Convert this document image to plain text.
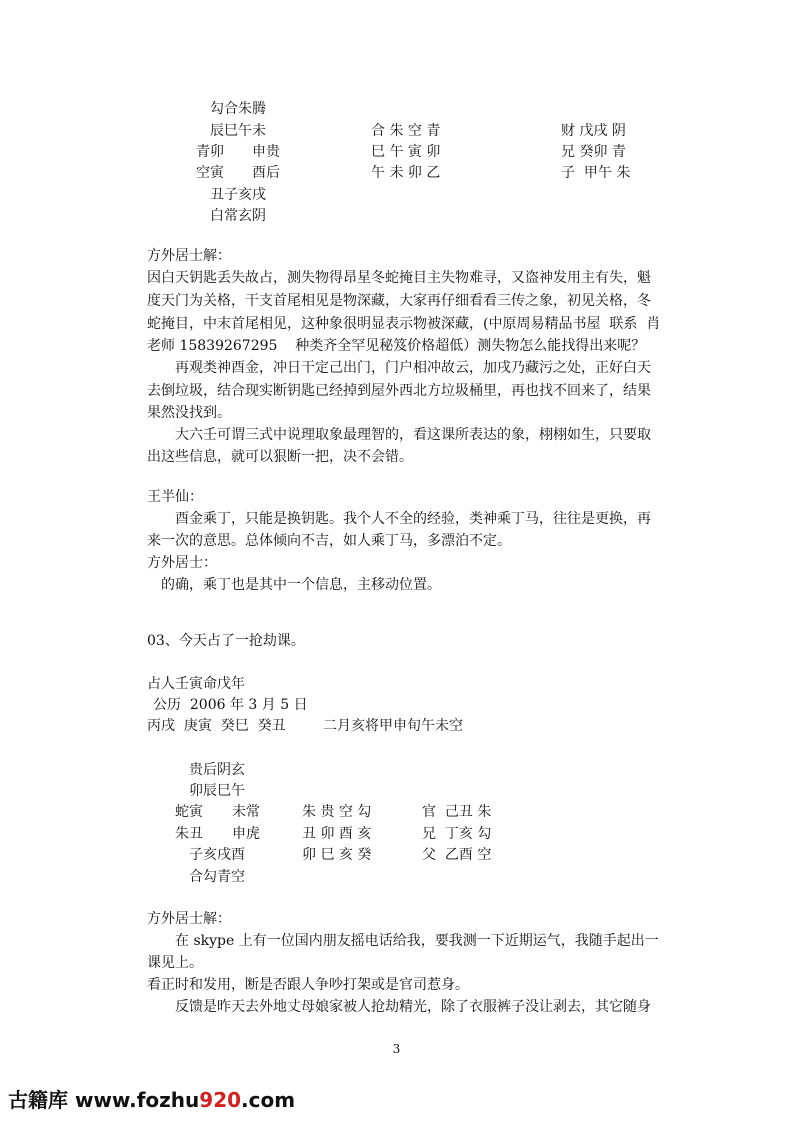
勾合朱腾
辰巳午未
青卯 申贵
空寅 酉后
丑子亥戌
白常玄阴
合 朱 空 青
巳 午 寅 卯
午 未 卯 乙
财 戊戌 阴
兄 癸卯 青
子  甲午 朱
方外居士解：
因白天钥匙丢失故占，测失物得昂星冬蛇掩目主失物难寻，又盗神发用主有失，魁
度天门为关格，干支首尾相见是物深藏，大家再仔细看看三传之象，初见关格，冬
蛇掩目，中末首尾相见，这种象很明显表示物被深藏，(中原周易精品书屋  联系  肖
老师 15839267295    种类齐全罕见秘笈价格超低）测失物怎么能找得出来呢？
再观类神酉金，冲日干定己出门，门户相冲故云，加戌乃藏污之处，正好白天
去倒垃圾，结合现实断钥匙已经掉到屋外西北方垃圾桶里，再也找不回来了，结果
果然没找到。
大六壬可谓三式中说理取象最理智的，看这课所表达的象，栩栩如生，只要取
出这些信息，就可以狠断一把，决不会错。
王半仙：
酉金乘丁，只能是换钥匙。我个人不全的经验，类神乘丁马，往往是更换，再
来一次的意思。总体倾向不吉，如人乘丁马，多漂泊不定。
方外居士：
的确，乘丁也是其中一个信息，主移动位置。
03、今天占了一抢劫课。
占人壬寅命戊年
公历  2006 年 3 月 5 日
丙戌  庚寅  癸巳  癸丑	二月亥将甲申旬午未空
贵后阴玄
卯辰巳午
蛇寅 未常
朱丑 申虎
子亥戌酉
合勾青空
朱 贵 空 勾
丑 卯 酉 亥
卯 巳 亥 癸
官  己丑 朱
兄  丁亥 勾
父  乙酉 空
方外居士解：
在 skype 上有一位国内朋友摇电话给我，要我测一下近期运气，我随手起出一
课见上。
看正时和发用，断是否跟人争吵打架或是官司惹身。
反馈是昨天去外地丈母娘家被人抢劫精光，除了衣服裤子没让剥去，其它随身
3
古籍库 www.fozhu920.com
